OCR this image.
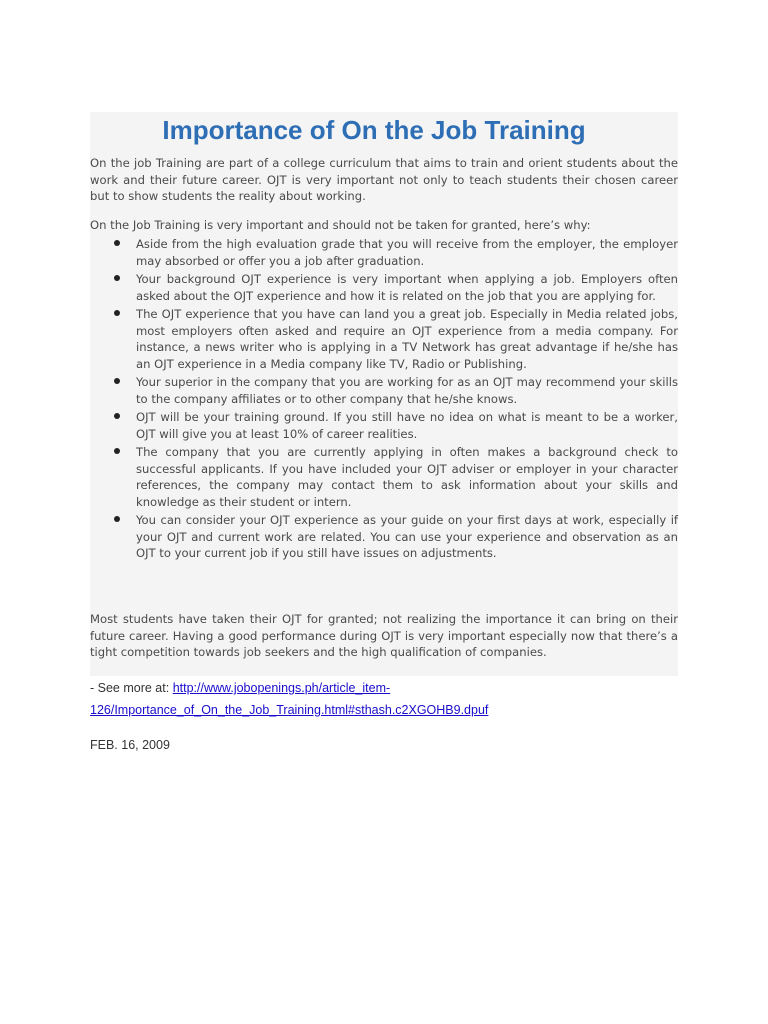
Importance of On the Job Training

On the job Training are part of a college curriculum that aims to train and orient students about the work and their future career. OJT is very important not only to teach students their chosen career but to show students the reality about working.

On the Job Training is very important and should not be taken for granted, here’s why:

Aside from the high evaluation grade that you will receive from the employer, the employer may absorbed or offer you a job after graduation.
Your background OJT experience is very important when applying a job. Employers often asked about the OJT experience and how it is related on the job that you are applying for.
The OJT experience that you have can land you a great job. Especially in Media related jobs, most employers often asked and require an OJT experience from a media company. For instance, a news writer who is applying in a TV Network has great advantage if he/she has an OJT experience in a Media company like TV, Radio or Publishing.
Your superior in the company that you are working for as an OJT may recommend your skills to the company affiliates or to other company that he/she knows.
OJT will be your training ground. If you still have no idea on what is meant to be a worker, OJT will give you at least 10% of career realities.
The company that you are currently applying in often makes a background check to successful applicants. If you have included your OJT adviser or employer in your character references, the company may contact them to ask information about your skills and knowledge as their student or intern.
You can consider your OJT experience as your guide on your first days at work, especially if your OJT and current work are related. You can use your experience and observation as an OJT to your current job if you still have issues on adjustments.

Most students have taken their OJT for granted; not realizing the importance it can bring on their future career. Having a good performance during OJT is very important especially now that there’s a tight competition towards job seekers and the high qualification of companies.

- See more at: http://www.jobopenings.ph/article_item-126/Importance_of_On_the_Job_Training.html#sthash.c2XGOHB9.dpuf

FEB. 16, 2009
